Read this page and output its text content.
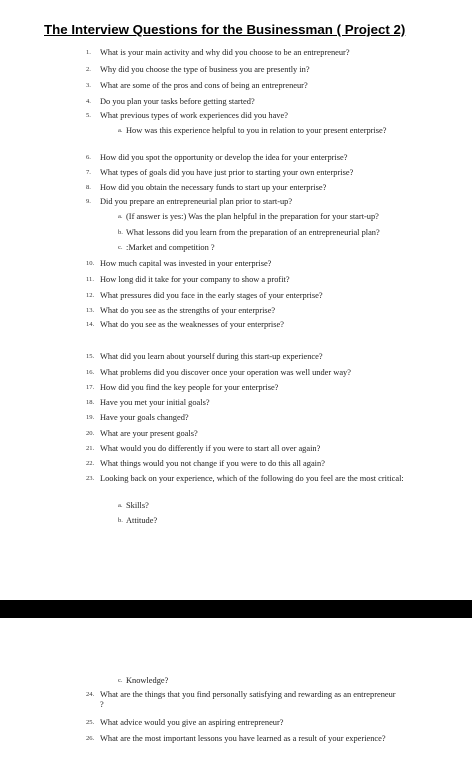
The Interview Questions for the Businessman ( Project 2)
1. What is your main activity and why did you choose to be an entrepreneur?
2. Why did you choose the type of business you are presently in?
3. What are some of the pros and cons of being an entrepreneur?
4. Do you plan your tasks before getting started?
5. What previous types of work experiences did you have?
a. How was this experience helpful to you in relation to your present enterprise?
6. How did you spot the opportunity or develop the idea for your enterprise?
7. What types of goals did you have just prior to starting your own enterprise?
8. How did you obtain the necessary funds to start up your enterprise?
9. Did you prepare an entrepreneurial plan prior to start-up?
a. (If answer is yes:) Was the plan helpful in the preparation for your start-up?
b. What lessons did you learn from the preparation of an entrepreneurial plan?
c. :Market and competition ?
10. How much capital was invested in your enterprise?
11. How long did it take for your company to show a profit?
12. What pressures did you face in the early stages of your enterprise?
13. What do you see as the strengths of your enterprise?
14. What do you see as the weaknesses of your enterprise?
15. What did you learn about yourself during this start-up experience?
16. What problems did you discover once your operation was well under way?
17. How did you find the key people for your enterprise?
18. Have you met your initial goals?
19. Have your goals changed?
20. What are your present goals?
21. What would you do differently if you were to start all over again?
22. What things would you not change if you were to do this all again?
23. Looking back on your experience, which of the following do you feel are the most critical:
a. Skills?
b. Attitude?
c. Knowledge?
24. What are the things that you find personally satisfying and rewarding as an entrepreneur ?
25. What advice would you give an aspiring entrepreneur?
26. What are the most important lessons you have learned as a result of your experience?
